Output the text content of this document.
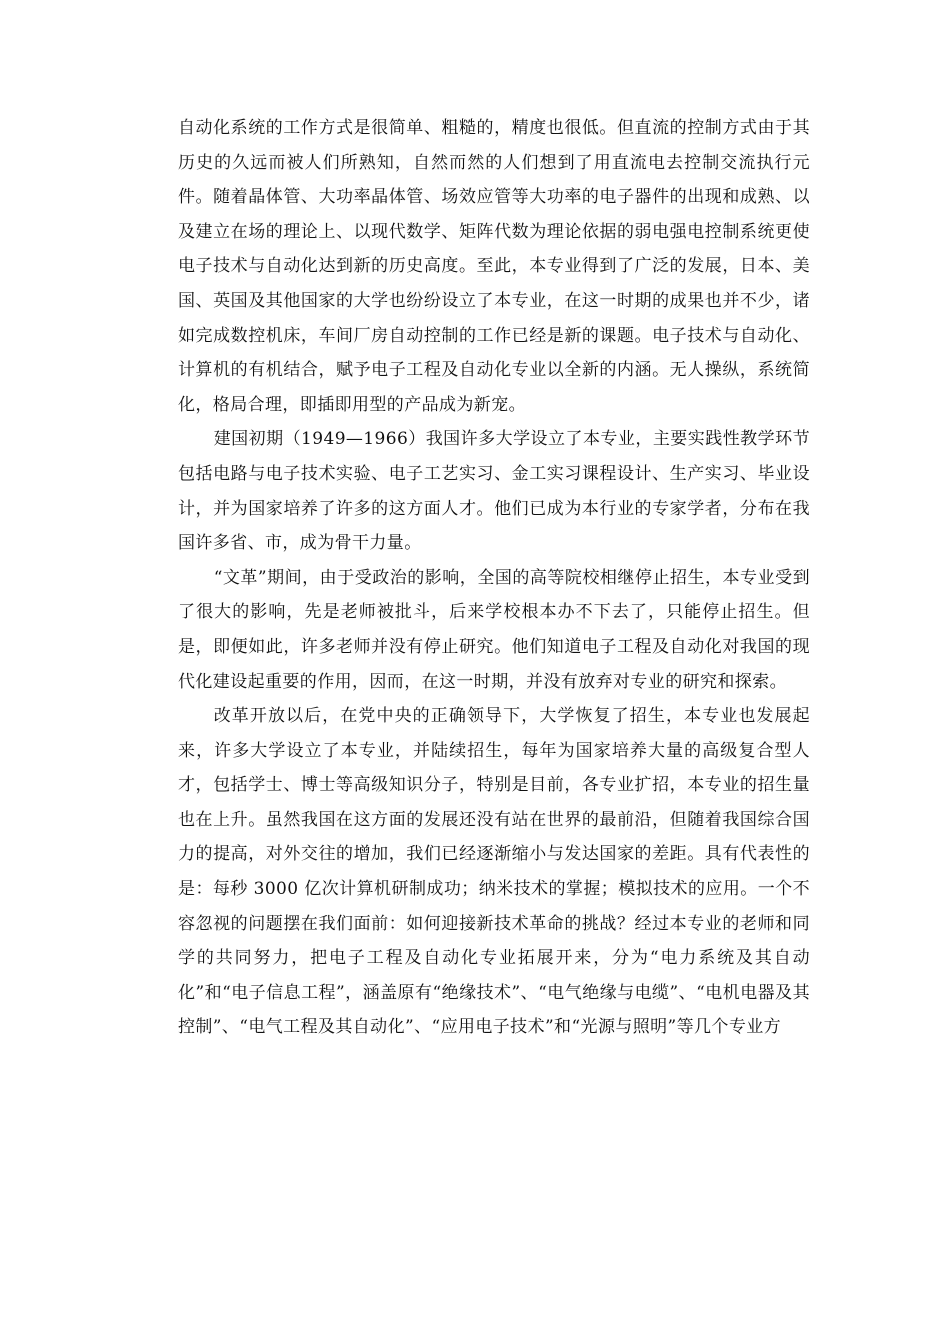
自动化系统的工作方式是很简单、粗糙的，精度也很低。但直流的控制方式由于其历史的久远而被人们所熟知，自然而然的人们想到了用直流电去控制交流执行元件。随着晶体管、大功率晶体管、场效应管等大功率的电子器件的出现和成熟、以及建立在场的理论上、以现代数学、矩阵代数为理论依据的弱电强电控制系统更使电子技术与自动化达到新的历史高度。至此，本专业得到了广泛的发展，日本、美国、英国及其他国家的大学也纷纷设立了本专业，在这一时期的成果也并不少，诸如完成数控机床，车间厂房自动控制的工作已经是新的课题。电子技术与自动化、计算机的有机结合，赋予电子工程及自动化专业以全新的内涵。无人操纵，系统简化，格局合理，即插即用型的产品成为新宠。

建国初期（1949—1966）我国许多大学设立了本专业，主要实践性教学环节包括电路与电子技术实验、电子工艺实习、金工实习课程设计、生产实习、毕业设计，并为国家培养了许多的这方面人才。他们已成为本行业的专家学者，分布在我国许多省、市，成为骨干力量。

“文革”期间，由于受政治的影响，全国的高等院校相继停止招生，本专业受到了很大的影响，先是老师被批斗，后来学校根本办不下去了，只能停止招生。但是，即便如此，许多老师并没有停止研究。他们知道电子工程及自动化对我国的现代化建设起重要的作用，因而，在这一时期，并没有放弃对专业的研究和探索。

改革开放以后，在党中央的正确领导下，大学恢复了招生，本专业也发展起来，许多大学设立了本专业，并陆续招生，每年为国家培养大量的高级复合型人才，包括学士、博士等高级知识分子，特别是目前，各专业扩招，本专业的招生量也在上升。虽然我国在这方面的发展还没有站在世界的最前沿，但随着我国综合国力的提高，对外交往的增加，我们已经逐渐缩小与发达国家的差距。具有代表性的是：每秒 3000 亿次计算机研制成功；纳米技术的掌握；模拟技术的应用。一个不容忽视的问题摆在我们面前：如何迎接新技术革命的挑战？经过本专业的老师和同学的共同努力，把电子工程及自动化专业拓展开来，分为“电力系统及其自动化”和“电子信息工程”，涵盖原有“绝缘技术”、“电气绝缘与电缆”、“电机电器及其控制”、“电气工程及其自动化”、“应用电子技术”和“光源与照明”等几个专业方
